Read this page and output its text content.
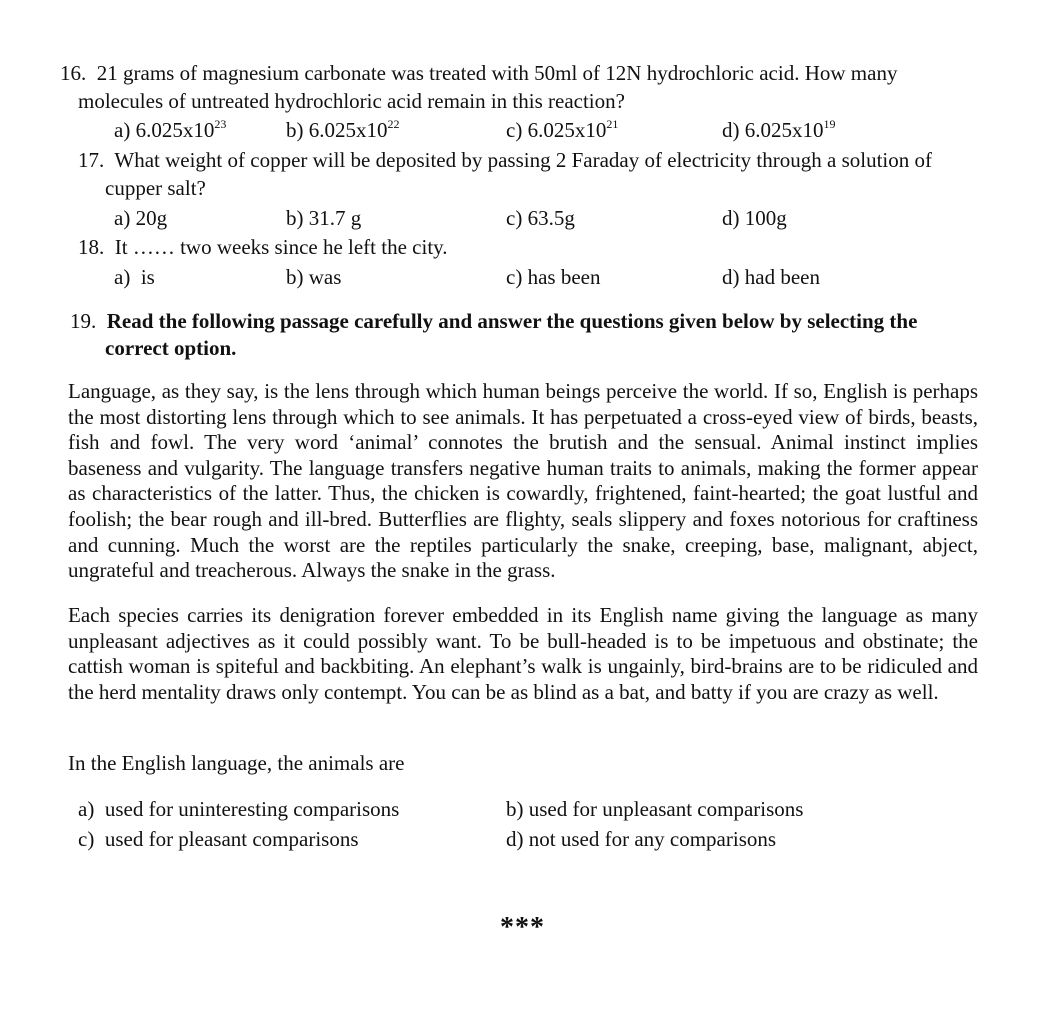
16. 21 grams of magnesium carbonate was treated with 50ml of 12N hydrochloric acid. How many
molecules of untreated hydrochloric acid remain in this reaction?
a) $6.025x10^{23}$	b) $6.025x10^{22}$	c) $6.025x10^{21}$	d) $6.025x10^{19}$
17. What weight of copper will be deposited by passing 2 Faraday of electricity through a solution of
cupper salt?
a) 20g	b) 31.7 g	c) 63.5g	d) 100g
18. It …… two weeks since he left the city.
a) is	b) was	c) has been	d) had been
19. Read the following passage carefully and answer the questions given below by selecting the
correct option.

Language, as they say, is the lens through which human beings perceive the world. If so, English is perhaps the most distorting lens through which to see animals. It has perpetuated a cross-eyed view of birds, beasts, fish and fowl. The very word ‘animal’ connotes the brutish and the sensual. Animal instinct implies baseness and vulgarity. The language transfers negative human traits to animals, making the former appear as characteristics of the latter. Thus, the chicken is cowardly, frightened, faint-hearted; the goat lustful and foolish; the bear rough and ill-bred. Butterflies are flighty, seals slippery and foxes notorious for craftiness and cunning. Much the worst are the reptiles particularly the snake, creeping, base, malignant, abject, ungrateful and treacherous. Always the snake in the grass.

Each species carries its denigration forever embedded in its English name giving the language as many unpleasant adjectives as it could possibly want. To be bull-headed is to be impetuous and obstinate; the cattish woman is spiteful and backbiting. An elephant’s walk is ungainly, bird-brains are to be ridiculed and the herd mentality draws only contempt. You can be as blind as a bat, and batty if you are crazy as well.

In the English language, the animals are
a) used for uninteresting comparisons	b) used for unpleasant comparisons
c) used for pleasant comparisons	d) not used for any comparisons
***
